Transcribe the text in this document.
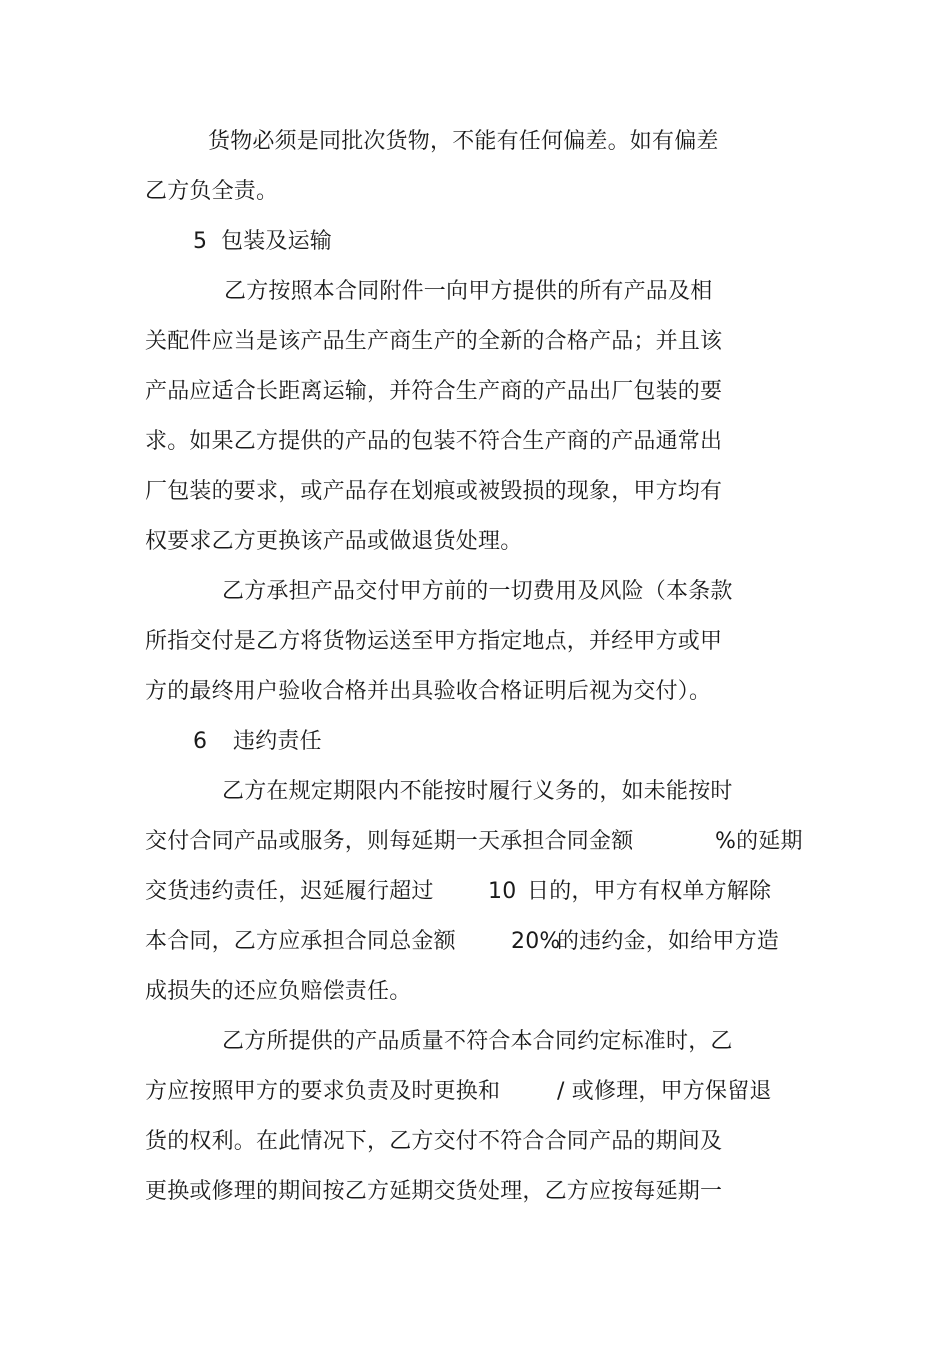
货物必须是同批次货物，不能有任何偏差。如有偏差
乙方负全责。
5 包装及运输
乙方按照本合同附件一向甲方提供的所有产品及相
关配件应当是该产品生产商生产的全新的合格产品；并且该
产品应适合长距离运输，并符合生产商的产品出厂包装的要
求。如果乙方提供的产品的包装不符合生产商的产品通常出
厂包装的要求，或产品存在划痕或被毁损的现象，甲方均有
权要求乙方更换该产品或做退货处理。
乙方承担产品交付甲方前的一切费用及风险（本条款
所指交付是乙方将货物运送至甲方指定地点，并经甲方或甲
方的最终用户验收合格并出具验收合格证明后视为交付）。
6 违约责任
乙方在规定期限内不能按时履行义务的，如未能按时
交付合同产品或服务，则每延期一天承担合同金额	%的延期
交货违约责任，迟延履行超过 10 日的，甲方有权单方解除
本合同，乙方应承担合同总金额	20%
的违约金，如给甲方造
成损失的还应负赔偿责任。
乙方所提供的产品质量不符合本合同约定标准时，乙
方应按照甲方的要求负责及时更换和	/ 或修理，甲方保留退
货的权利。在此情况下，乙方交付不符合合同产品的期间及
更换或修理的期间按乙方延期交货处理，乙方应按每延期一
